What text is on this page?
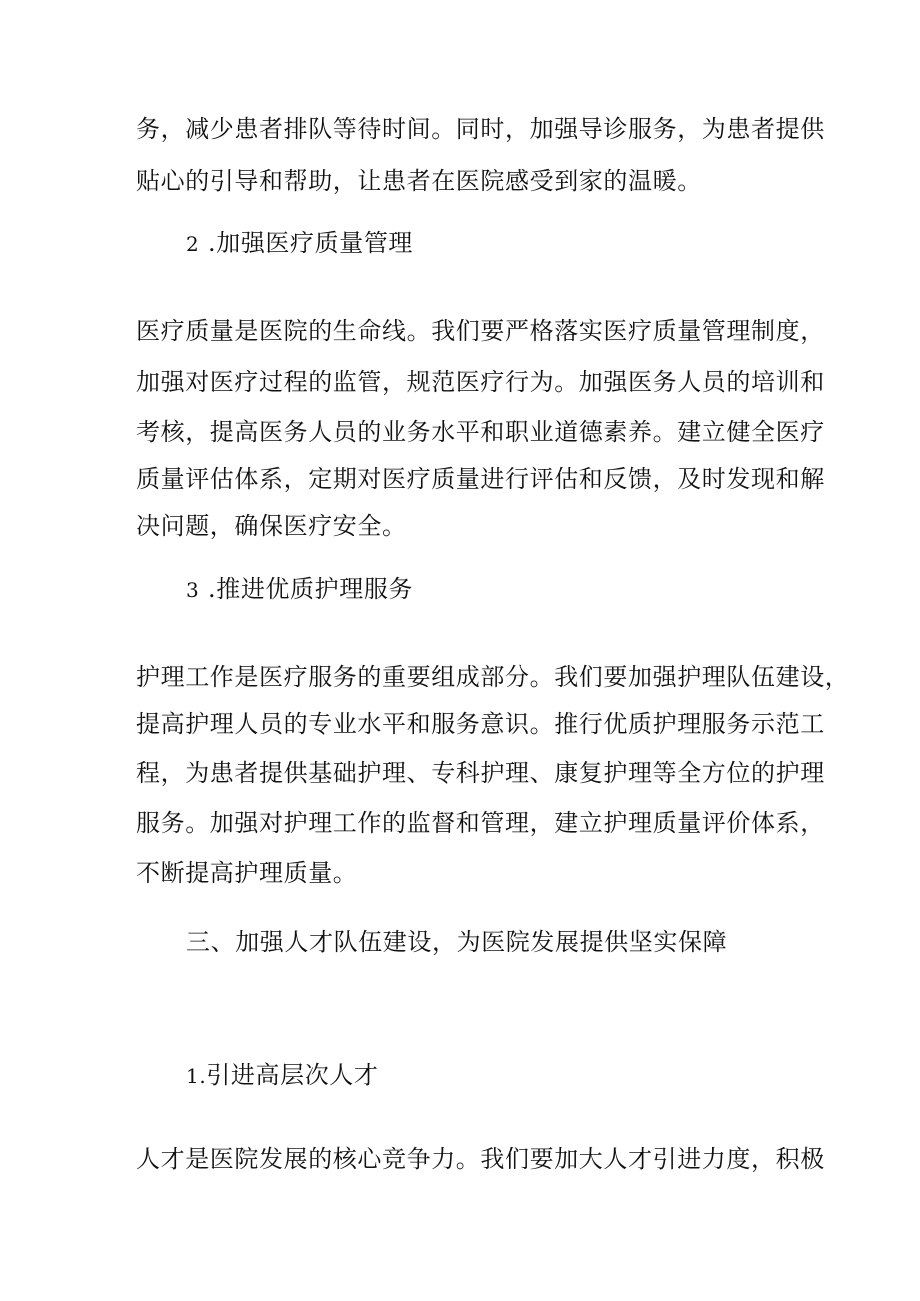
务，减少患者排队等待时间。同时，加强导诊服务，为患者提供
贴心的引导和帮助，让患者在医院感受到家的温暖。
2 .加强医疗质量管理
医疗质量是医院的生命线。我们要严格落实医疗质量管理制度，
加强对医疗过程的监管，规范医疗行为。加强医务人员的培训和
考核，提高医务人员的业务水平和职业道德素养。建立健全医疗
质量评估体系，定期对医疗质量进行评估和反馈，及时发现和解
决问题，确保医疗安全。
3 .推进优质护理服务
护理工作是医疗服务的重要组成部分。我们要加强护理队伍建设，
提高护理人员的专业水平和服务意识。推行优质护理服务示范工
程，为患者提供基础护理、专科护理、康复护理等全方位的护理
服务。加强对护理工作的监督和管理，建立护理质量评价体系，
不断提高护理质量。
三、加强人才队伍建设，为医院发展提供坚实保障
1.引进高层次人才
人才是医院发展的核心竞争力。我们要加大人才引进力度，积极
